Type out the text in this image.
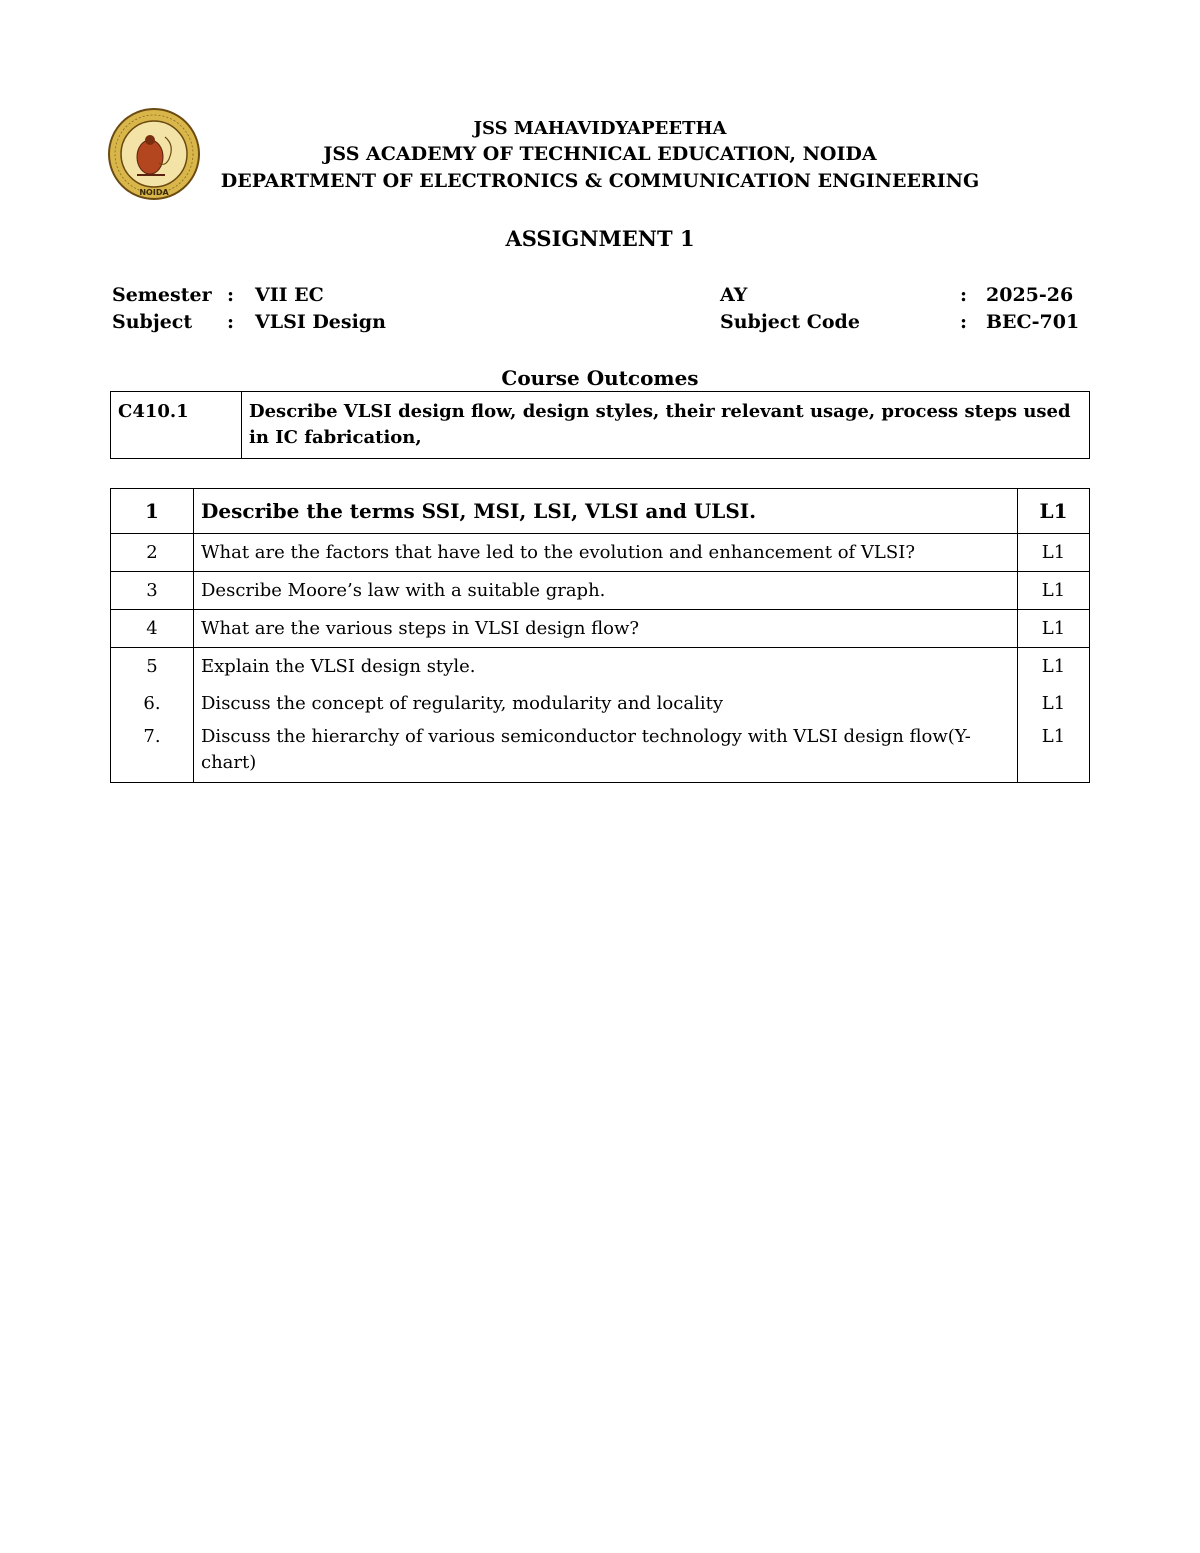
NOIDA
JSS MAHAVIDYAPEETHA
JSS ACADEMY OF TECHNICAL EDUCATION, NOIDA
DEPARTMENT OF ELECTRONICS & COMMUNICATION ENGINEERING
ASSIGNMENT 1
Semester : VII EC	AY	: 2025-26
Subject : VLSI Design	Subject Code	: BEC-701
Course Outcomes
C410.1	Describe VLSI design flow, design styles, their relevant usage, process steps used in IC fabrication,
1	Describe the terms SSI, MSI, LSI, VLSI and ULSI.	L1
2	What are the factors that have led to the evolution and enhancement of VLSI?	L1
3	Describe Moore’s law with a suitable graph.	L1
4	What are the various steps in VLSI design flow?	L1
5	Explain the VLSI design style.	L1
6.	Discuss the concept of regularity, modularity and locality	L1
7.	Discuss the hierarchy of various semiconductor technology with VLSI design flow(Y-chart)	L1
